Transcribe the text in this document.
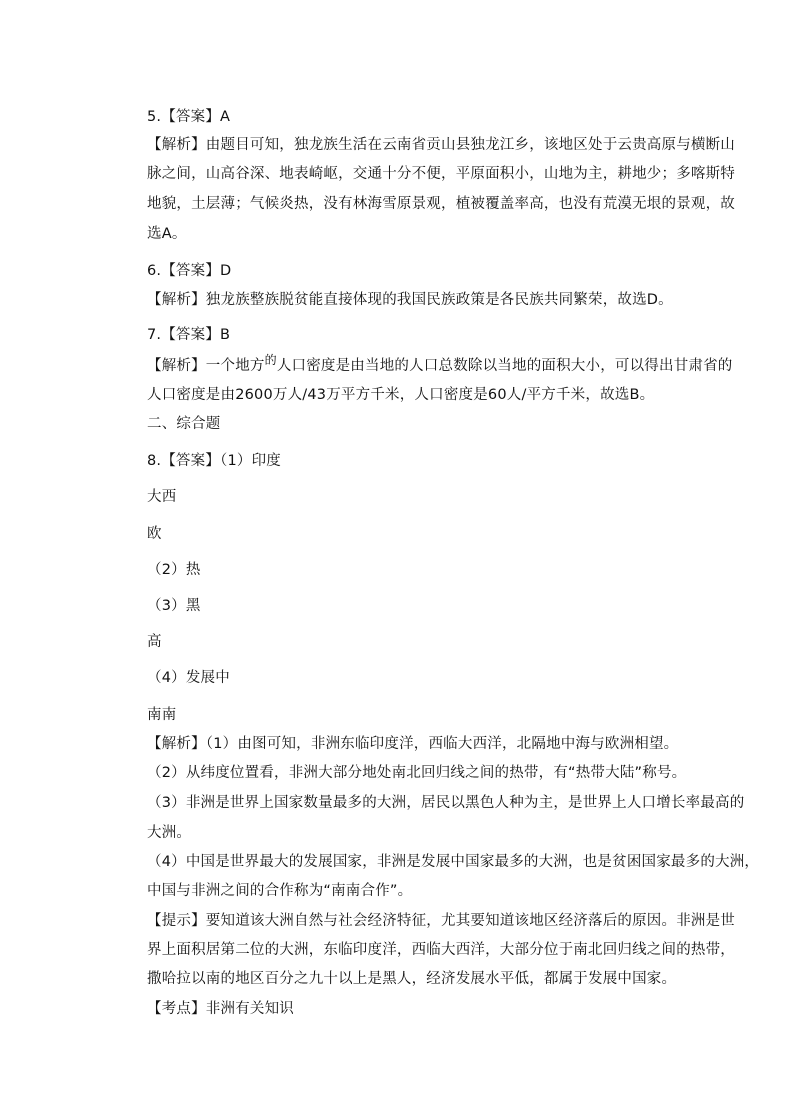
5.【答案】A
【解析】由题目可知，独龙族生活在云南省贡山县独龙江乡，该地区处于云贵高原与横断山
脉之间，山高谷深、地表崎岖，交通十分不便，平原面积小，山地为主，耕地少；多喀斯特
地貌，土层薄；气候炎热，没有林海雪原景观，植被覆盖率高，也没有荒漠无垠的景观，故
选A。
6.【答案】D
【解析】独龙族整族脱贫能直接体现的我国民族政策是各民族共同繁荣，故选D。
7.【答案】B
【解析】一个地方$^的$人口密度是由当地的人口总数除以当地的面积大小，可以得出甘肃省的
人口密度是由2600万人/43万平方千米，人口密度是60人/平方千米，故选B。
二、综合题
8.【答案】（1）印度
大西
欧
（2）热
（3）黑
高
（4）发展中
南南
【解析】（1）由图可知，非洲东临印度洋，西临大西洋，北隔地中海与欧洲相望。
（2）从纬度位置看，非洲大部分地处南北回归线之间的热带，有“热带大陆”称号。
（3）非洲是世界上国家数量最多的大洲，居民以黑色人种为主，是世界上人口增长率最高的
大洲。
（4）中国是世界最大的发展国家，非洲是发展中国家最多的大洲，也是贫困国家最多的大洲，
中国与非洲之间的合作称为“南南合作”。
【提示】要知道该大洲自然与社会经济特征，尤其要知道该地区经济落后的原因。非洲是世
界上面积居第二位的大洲，东临印度洋，西临大西洋，大部分位于南北回归线之间的热带，
撒哈拉以南的地区百分之九十以上是黑人，经济发展水平低，都属于发展中国家。
【考点】非洲有关知识
